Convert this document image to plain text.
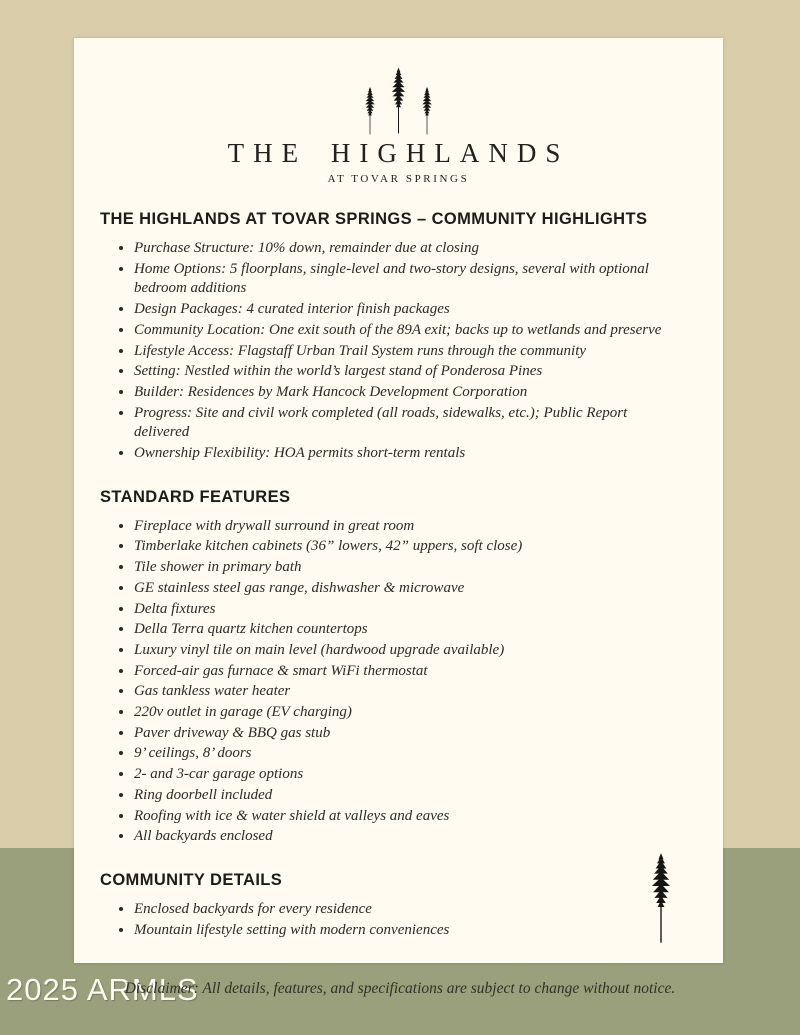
THE HIGHLANDS
AT TOVAR SPRINGS
THE HIGHLANDS AT TOVAR SPRINGS – COMMUNITY HIGHLIGHTS
• Purchase Structure: 10% down, remainder due at closing
• Home Options: 5 floorplans, single-level and two-story designs, several with optional bedroom additions
• Design Packages: 4 curated interior finish packages
• Community Location: One exit south of the 89A exit; backs up to wetlands and preserve
• Lifestyle Access: Flagstaff Urban Trail System runs through the community
• Setting: Nestled within the world’s largest stand of Ponderosa Pines
• Builder: Residences by Mark Hancock Development Corporation
• Progress: Site and civil work completed (all roads, sidewalks, etc.); Public Report delivered
• Ownership Flexibility: HOA permits short-term rentals
STANDARD FEATURES
• Fireplace with drywall surround in great room
• Timberlake kitchen cabinets (36” lowers, 42” uppers, soft close)
• Tile shower in primary bath
• GE stainless steel gas range, dishwasher & microwave
• Delta fixtures
• Della Terra quartz kitchen countertops
• Luxury vinyl tile on main level (hardwood upgrade available)
• Forced-air gas furnace & smart WiFi thermostat
• Gas tankless water heater
• 220v outlet in garage (EV charging)
• Paver driveway & BBQ gas stub
• 9’ ceilings, 8’ doors
• 2- and 3-car garage options
• Ring doorbell included
• Roofing with ice & water shield at valleys and eaves
• All backyards enclosed
COMMUNITY DETAILS
• Enclosed backyards for every residence
• Mountain lifestyle setting with modern conveniences
2025 ARMLS
Disclaimer: All details, features, and specifications are subject to change without notice.
